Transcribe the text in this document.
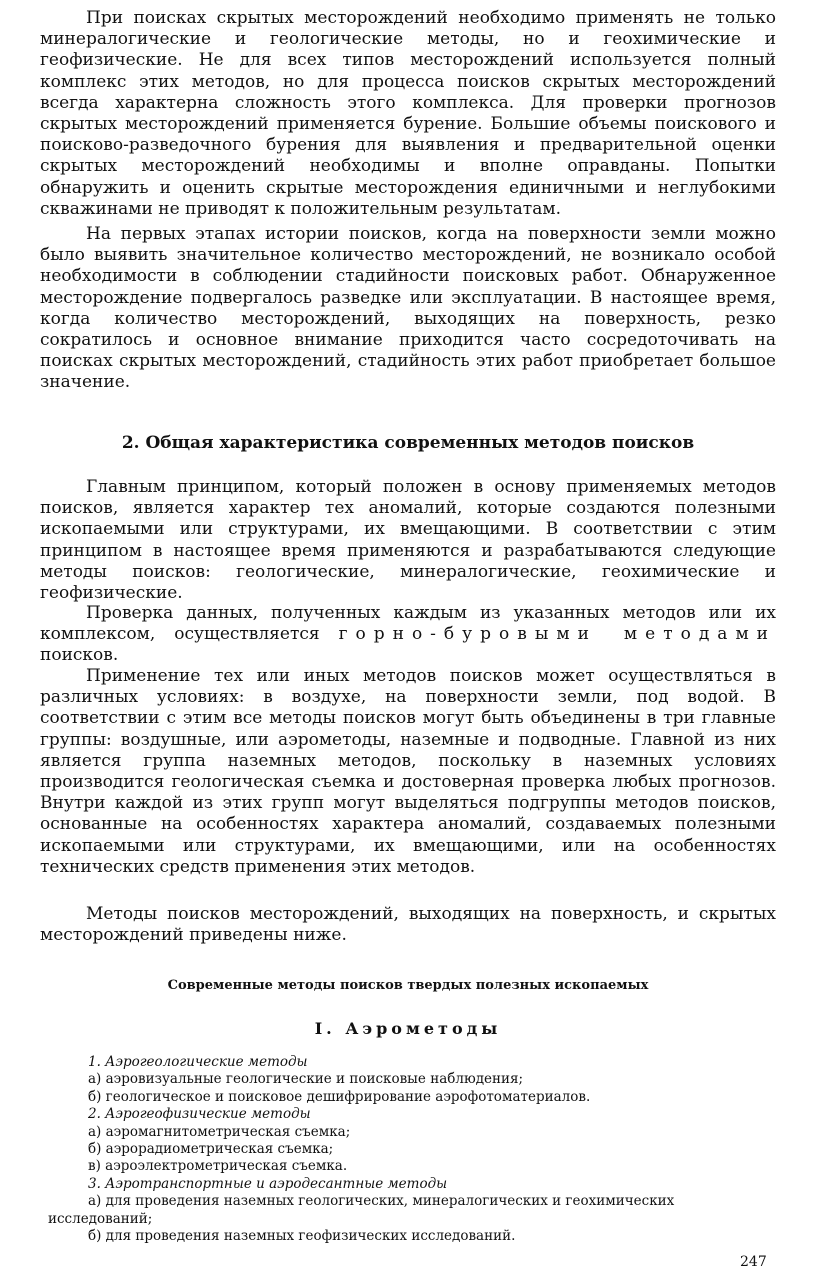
При поисках скрытых месторождений необходимо применять не только минералогические и геологические методы, но и геохимические и геофизические. Не для всех типов месторождений используется полный комплекс этих методов, но для процесса поисков скрытых месторождений всегда характерна сложность этого комплекса. Для проверки прогнозов скрытых месторождений применяется бурение. Большие объемы поискового и поисково-разведочного бурения для выявления и предварительной оценки скрытых месторождений необходимы и вполне оправданы. Попытки обнаружить и оценить скрытые месторождения единичными и неглубокими скважинами не приводят к положительным результатам.

На первых этапах истории поисков, когда на поверхности земли можно было выявить значительное количество месторождений, не возникало особой необходимости в соблюдении стадийности поисковых работ. Обнаруженное месторождение подвергалось разведке или эксплуатации. В настоящее время, когда количество месторождений, выходящих на поверхность, резко сократилось и основное внимание приходится часто сосредоточивать на поисках скрытых месторождений, стадийность этих работ приобретает большое значение.

2. Общая характеристика современных методов поисков

Главным принципом, который положен в основу применяемых методов поисков, является характер тех аномалий, которые создаются полезными ископаемыми или структурами, их вмещающими. В соответствии с этим принципом в настоящее время применяются и разрабатываются следующие методы поисков: геологические, минералогические, геохимические и геофизические.

Проверка данных, полученных каждым из указанных методов или их комплексом, осуществляется горно-буровыми методами поисков.

Применение тех или иных методов поисков может осуществляться в различных условиях: в воздухе, на поверхности земли, под водой. В соответствии с этим все методы поисков могут быть объединены в три главные группы: воздушные, или аэрометоды, наземные и подводные. Главной из них является группа наземных методов, поскольку в наземных условиях производится геологическая съемка и достоверная проверка любых прогнозов. Внутри каждой из этих групп могут выделяться подгруппы методов поисков, основанные на особенностях характера аномалий, создаваемых полезными ископаемыми или структурами, их вмещающими, или на особенностях технических средств применения этих методов.

Методы поисков месторождений, выходящих на поверхность, и скрытых месторождений приведены ниже.

Современные методы поисков твердых полезных ископаемых
I. Аэрометоды
1. Аэрогеологические методы
а) аэровизуальные геологические и поисковые наблюдения;
б) геологическое и поисковое дешифрирование аэрофотоматериалов.
2. Аэрогеофизические методы
а) аэромагнитометрическая съемка;
б) аэрорадиометрическая съемка;
в) аэроэлектрометрическая съемка.
3. Аэротранспортные и аэродесантные методы
а) для проведения наземных геологических, минералогических и геохимических исследований;
б) для проведения наземных геофизических исследований.
247
